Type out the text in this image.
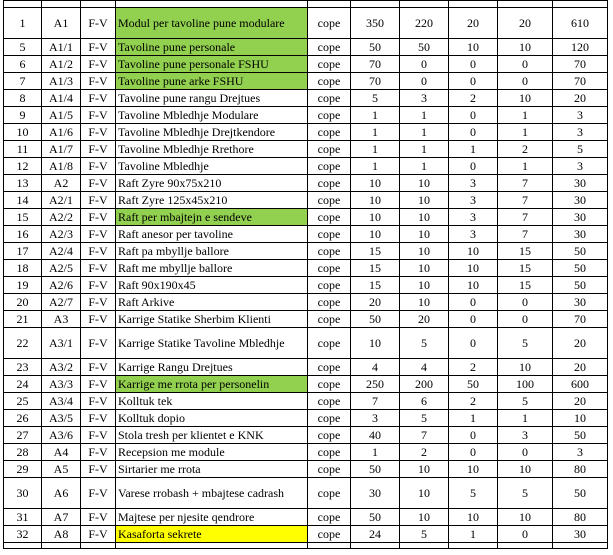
1	A1	F-V	Modul per tavoline pune modulare	cope	350	220	20	20	610
5	A1/1	F-V	Tavoline pune personale	cope	50	50	10	10	120
6	A1/2	F-V	Tavoline pune personale FSHU	cope	70	0	0	0	70
7	A1/3	F-V	Tavoline pune arke FSHU	cope	70	0	0	0	70
8	A1/4	F-V	Tavoline pune rangu Drejtues	cope	5	3	2	10	20
9	A1/5	F-V	Tavoline Mbledhje Modulare	cope	1	1	0	1	3
10	A1/6	F-V	Tavoline Mbledhje Drejtkendore	cope	1	1	0	1	3
11	A1/7	F-V	Tavoline Mbledhje Rrethore	cope	1	1	1	2	5
12	A1/8	F-V	Tavoline Mbledhje	cope	1	1	0	1	3
13	A2	F-V	Raft Zyre 90x75x210	cope	10	10	3	7	30
14	A2/1	F-V	Raft Zyre 125x45x210	cope	10	10	3	7	30
15	A2/2	F-V	Raft per mbajtejn e sendeve	cope	10	10	3	7	30
16	A2/3	F-V	Raft anesor per tavoline	cope	10	10	3	7	30
17	A2/4	F-V	Raft pa mbyllje ballore	cope	15	10	10	15	50
18	A2/5	F-V	Raft me mbyllje ballore	cope	15	10	10	15	50
19	A2/6	F-V	Raft 90x190x45	cope	15	10	10	15	50
20	A2/7	F-V	Raft Arkive	cope	20	10	0	0	30
21	A3	F-V	Karrige Statike Sherbim Klienti	cope	50	20	0	0	70
22	A3/1	F-V	Karrige Statike Tavoline Mbledhje	cope	10	5	0	5	20
23	A3/2	F-V	Karrige Rangu Drejtues	cope	4	4	2	10	20
24	A3/3	F-V	Karrige me rrota per personelin	cope	250	200	50	100	600
25	A3/4	F-V	Kolltuk tek	cope	7	6	2	5	20
26	A3/5	F-V	Kolltuk dopio	cope	3	5	1	1	10
27	A3/6	F-V	Stola tresh per klientet e KNK	cope	40	7	0	3	50
28	A4	F-V	Recepsion me module	cope	1	2	0	0	3
29	A5	F-V	Sirtarier me rrota	cope	50	10	10	10	80
30	A6	F-V	Varese rrobash + mbajtese cadrash	cope	30	10	5	5	50
31	A7	F-V	Majtese per njesite qendrore	cope	50	10	10	10	80
32	A8	F-V	Kasaforta sekrete	cope	24	5	1	0	30
